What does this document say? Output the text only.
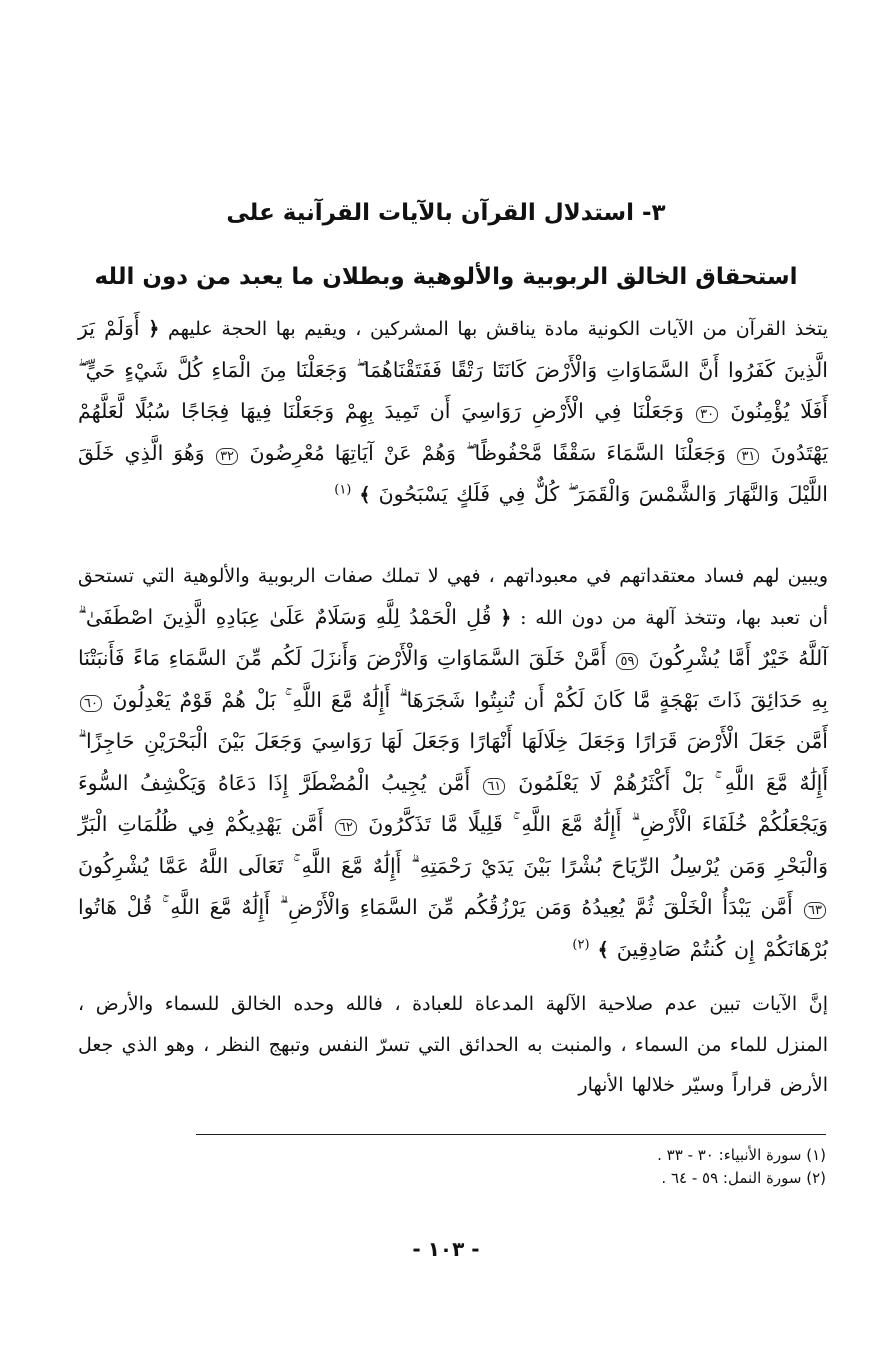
٣- استدلال القرآن بالآيات القرآنية على
استحقاق الخالق الربوبية والألوهية وبطلان ما يعبد من دون الله

يتخذ القرآن من الآيات الكونية مادة يناقش بها المشركين ، ويقيم بها الحجة عليهم ﴿ أَوَلَمْ يَرَ الَّذِينَ كَفَرُوا أَنَّ السَّمَاوَاتِ وَالْأَرْضَ كَانَتَا رَتْقًا فَفَتَقْنَاهُمَا ۖ وَجَعَلْنَا مِنَ الْمَاءِ كُلَّ شَيْءٍ حَيٍّ ۖ أَفَلَا يُؤْمِنُونَ ٣٠ وَجَعَلْنَا فِي الْأَرْضِ رَوَاسِيَ أَن تَمِيدَ بِهِمْ وَجَعَلْنَا فِيهَا فِجَاجًا سُبُلًا لَّعَلَّهُمْ يَهْتَدُونَ ٣١ وَجَعَلْنَا السَّمَاءَ سَقْفًا مَّحْفُوظًا ۖ وَهُمْ عَنْ آيَاتِهَا مُعْرِضُونَ ٣٢ وَهُوَ الَّذِي خَلَقَ اللَّيْلَ وَالنَّهَارَ وَالشَّمْسَ وَالْقَمَرَ ۖ كُلٌّ فِي فَلَكٍ يَسْبَحُونَ ﴾ $^{(١)}$

ويبين لهم فساد معتقداتهم في معبوداتهم ، فهي لا تملك صفات الربوبية والألوهية التي تستحق أن تعبد بها، وتتخذ آلهة من دون الله : ﴿ قُلِ الْحَمْدُ لِلَّهِ وَسَلَامٌ عَلَىٰ عِبَادِهِ الَّذِينَ اصْطَفَىٰ ۗ آللَّهُ خَيْرٌ أَمَّا يُشْرِكُونَ ٥٩ أَمَّنْ خَلَقَ السَّمَاوَاتِ وَالْأَرْضَ وَأَنزَلَ لَكُم مِّنَ السَّمَاءِ مَاءً فَأَنبَتْنَا بِهِ حَدَائِقَ ذَاتَ بَهْجَةٍ مَّا كَانَ لَكُمْ أَن تُنبِتُوا شَجَرَهَا ۗ أَإِلَٰهٌ مَّعَ اللَّهِ ۚ بَلْ هُمْ قَوْمٌ يَعْدِلُونَ ٦٠ أَمَّن جَعَلَ الْأَرْضَ قَرَارًا وَجَعَلَ خِلَالَهَا أَنْهَارًا وَجَعَلَ لَهَا رَوَاسِيَ وَجَعَلَ بَيْنَ الْبَحْرَيْنِ حَاجِزًا ۗ أَإِلَٰهٌ مَّعَ اللَّهِ ۚ بَلْ أَكْثَرُهُمْ لَا يَعْلَمُونَ ٦١ أَمَّن يُجِيبُ الْمُضْطَرَّ إِذَا دَعَاهُ وَيَكْشِفُ السُّوءَ وَيَجْعَلُكُمْ خُلَفَاءَ الْأَرْضِ ۗ أَإِلَٰهٌ مَّعَ اللَّهِ ۚ قَلِيلًا مَّا تَذَكَّرُونَ ٦٢ أَمَّن يَهْدِيكُمْ فِي ظُلُمَاتِ الْبَرِّ وَالْبَحْرِ وَمَن يُرْسِلُ الرِّيَاحَ بُشْرًا بَيْنَ يَدَيْ رَحْمَتِهِ ۗ أَإِلَٰهٌ مَّعَ اللَّهِ ۚ تَعَالَى اللَّهُ عَمَّا يُشْرِكُونَ ٦٣ أَمَّن يَبْدَأُ الْخَلْقَ ثُمَّ يُعِيدُهُ وَمَن يَرْزُقُكُم مِّنَ السَّمَاءِ وَالْأَرْضِ ۗ أَإِلَٰهٌ مَّعَ اللَّهِ ۚ قُلْ هَاتُوا بُرْهَانَكُمْ إِن كُنتُمْ صَادِقِينَ ﴾ $^{(٢)}$

إنَّ الآيات تبين عدم صلاحية الآلهة المدعاة للعبادة ، فالله وحده الخالق للسماء والأرض ، المنزل للماء من السماء ، والمنبت به الحدائق التي تسرّ النفس وتبهج النظر ، وهو الذي جعل الأرض قراراً وسيّر خلالها الأنهار

(١) سورة الأنبياء: ٣٠ - ٣٣ .
(٢) سورة النمل: ٥٩ - ٦٤ .
- ١٠٣ -
